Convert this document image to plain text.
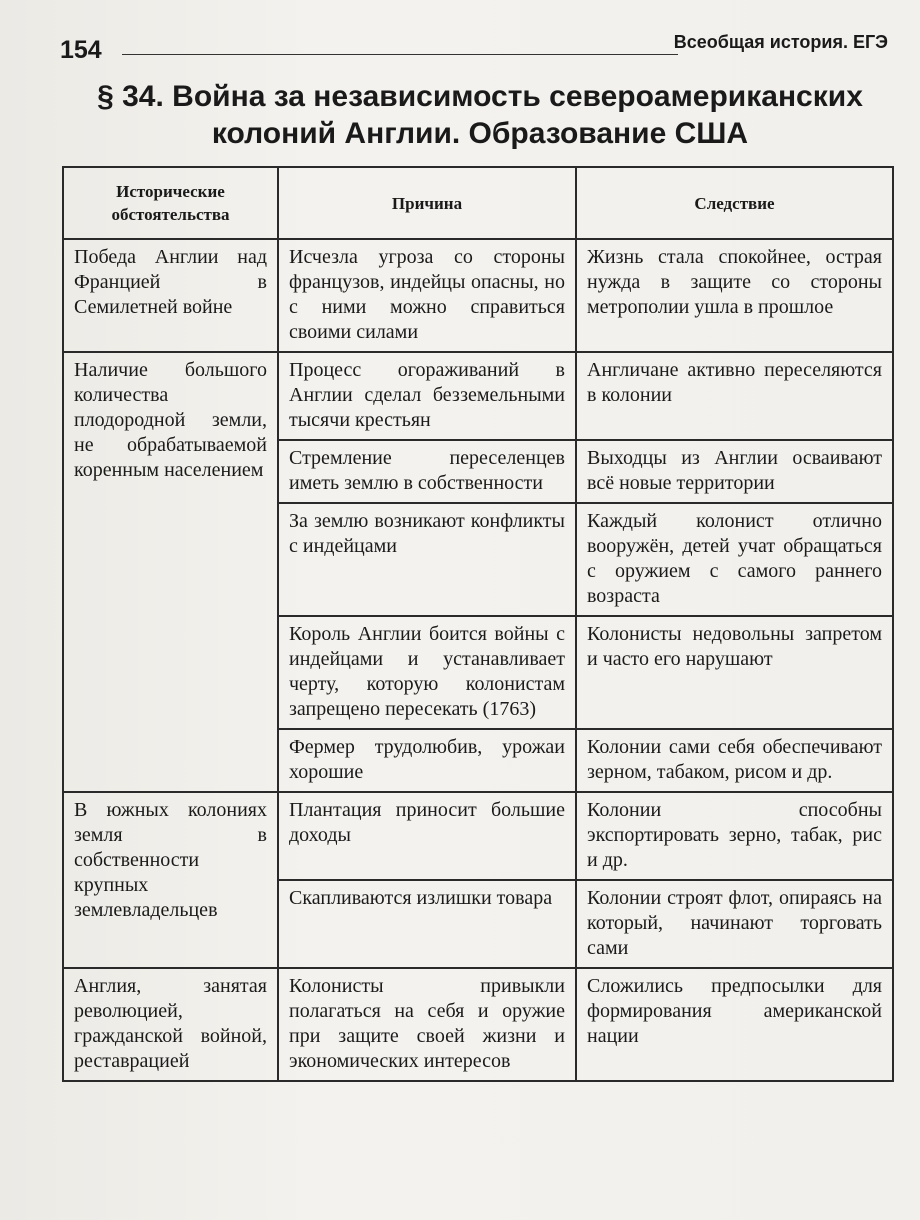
154	Всеобщая история. ЕГЭ
§ 34. Война за независимость североамериканских
колоний Англии. Образование США
Исторические обстоятельства	Причина	Следствие
Победа Англии над Францией в Семилетней войне	Исчезла угроза со стороны французов, индейцы опасны, но с ними можно справиться своими силами	Жизнь стала спокойнее, острая нужда в защите со стороны метрополии ушла в прошлое
Наличие большого количества плодородной земли, не обрабатываемой коренным населением	Процесс огораживаний в Англии сделал безземельными тысячи крестьян	Англичане активно переселяются в колонии
	Стремление переселенцев иметь землю в собственности	Выходцы из Англии осваивают всё новые территории
	За землю возникают конфликты с индейцами	Каждый колонист отлично вооружён, детей учат обращаться с оружием с самого раннего возраста
	Король Англии боится войны с индейцами и устанавливает черту, которую колонистам запрещено пересекать (1763)	Колонисты недовольны запретом и часто его нарушают
	Фермер трудолюбив, урожаи хорошие	Колонии сами себя обеспечивают зерном, табаком, рисом и др.
В южных колониях земля в собственности крупных землевладельцев	Плантация приносит большие доходы	Колонии способны экспортировать зерно, табак, рис и др.
	Скапливаются излишки товара	Колонии строят флот, опираясь на который, начинают торговать сами
Англия, занятая революцией, гражданской войной, реставрацией	Колонисты привыкли полагаться на себя и оружие при защите своей жизни и экономических интересов	Сложились предпосылки для формирования американской нации
